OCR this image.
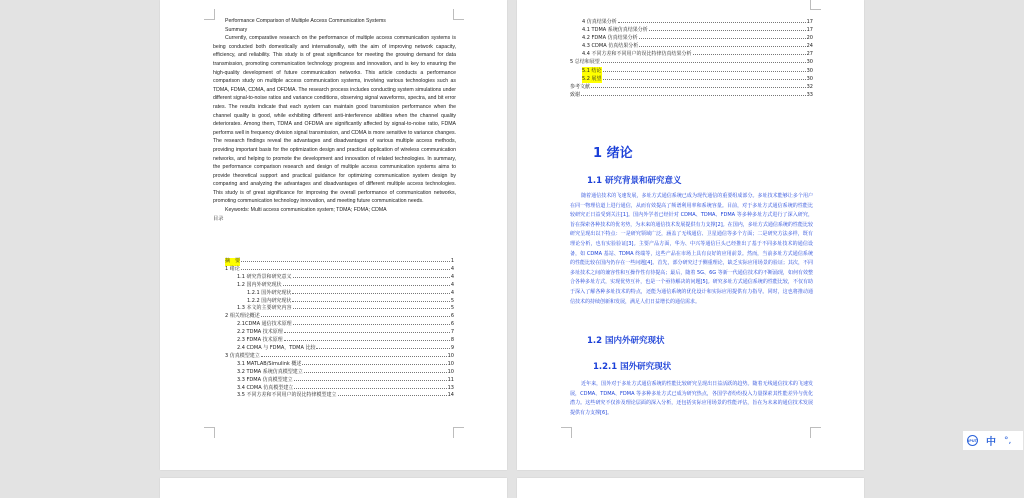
Performance Comparison of Multiple Access Communication Systems

Summary

Currently, comparative research on the performance of multiple access communication systems is being conducted both domestically and internationally, with the aim of improving network capacity, efficiency, and reliability. This study is of great significance for meeting the growing demand for data transmission, promoting communication technology progress and innovation, and is key to ensuring the high-quality development of future communication networks. This article conducts a performance comparison study on multiple access communication systems, involving various technologies such as TDMA, FDMA, CDMA, and OFDMA. The research process includes conducting system simulations under different signal-to-noise ratios and variance conditions, observing signal waveforms, spectra, and bit error rates. The results indicate that each system can maintain good transmission performance when the channel quality is good, while exhibiting different anti-interference abilities when the channel quality deteriorates. Among them, TDMA and OFDMA are significantly affected by signal-to-noise ratio, FDMA performs well in frequency division signal transmission, and CDMA is more sensitive to variance changes. The research findings reveal the advantages and disadvantages of various multiple access methods, providing important basis for the optimization design and practical application of wireless communication networks, and helping to promote the development and innovation of related technologies. In summary, the performance comparison research and design of multiple access communication systems aims to provide theoretical support and practical guidance for optimizing communication system design by comparing and analyzing the advantages and disadvantages of different multiple access technologies. This study is of great significance for improving the overall performance of communication networks, promoting communication technology innovation, and meeting future communication needs.

Keywords: Multi access communication system; TDMA; FDMA; CDMA

目录

摘　要	1
1 绪论	4
1.1 研究背景和研究意义	4
1.2 国内外研究现状	4
1.2.1 国外研究现状	4
1.2.2 国内研究现状	5
1.3 本文的主要研究内容	5
2 相关理论概述	6
2.1CDMA 通信技术原理	6
2.2 TDMA 技术原理	7
2.3 FDMA 技术原理	8
2.4 CDMA 与 FDMA，TDMA 比较	9
3 仿真模型建立	10
3.1 MATLAB/Simulink 概述	10
3.2 TDMA 系统仿真模型建立	10
3.3 FDMA 仿真模型建立	11
3.4 CDMA 仿真模型建立	13
3.5 不同方差和不同用户的误比特律模型建立	14
4 仿真结果分析	17
4.1 TDMA 系统仿真结果分析	17
4.2 FDMA 仿真结果分析	20
4.3 CDMA 仿真结果分析	24
4.4 不同方差和不同用户的误比特律仿真结果分析	27
5 总结和展望	30
5.1 结论	30
5.2 展望	30
参考文献	32
致谢	33
1 绪论
1.1 研究背景和研究意义

随着通信技术的飞速发展，多址方式通信系统已成为现代通信的重要组成部分。多址技术能够让多个用户在同一物理信道上进行通信，从而有效提高了频谱利用率和系统容量。目前，对于多址方式通信系统的性能比较研究正日益受到关注[1]。国内外学者已经针对 CDMA、TDMA、FDMA 等多种多址方式进行了深入研究，旨在探索各种技术的优劣势，为未来的通信技术发展提供有力支撑[2]。在国内，多址方式通信系统的性能比较研究呈现出以下特点：一是研究领域广泛，涵盖了无线通信、卫星通信等多个方面；二是研究方法多样，既有理论分析，也有实验验证[3]。主要产品方面，华为、中兴等通信巨头已经推出了基于不同多址技术的通信设备，如 CDMA 基站、TDMA 终端等，这些产品在市场上具有良好的应用前景。然而，当前多址方式通信系统的性能比较在国内仍存在一些问题[4]。首先，部分研究过于侧重理论，缺乏实际应用场景的验证；其次，不同多址技术之间的兼容性和互操作性有待提高；最后，随着 5G、6G 等新一代通信技术的不断涌现，如何有效整合各种多址方式，实现优势互补，也是一个亟待解决的问题[5]。研究多址方式通信系统的性能比较，不仅有助于深入了解各种多址技术的特点，还能为通信系统的优化设计和实际应用提供有力指导。同时，这也将推动通信技术的持续创新和发展，满足人们日益增长的通信需求。

1.2 国内外研究现状
1.2.1 国外研究现状

近年来，国外对于多址方式通信系统的性能比较研究呈现出日益活跃的趋势。随着无线通信技术的飞速发展，CDMA、TDMA、FDMA 等多种多址方式已成为研究热点，各国学者纷纷投入力量探索其性能差异与优化潜力。这些研究不仅涉及理论层面的深入分析，还包括实际应用场景的性能评估，旨在为未来的通信技术发展提供有力支撑[6]。

IPUT 中 °,
